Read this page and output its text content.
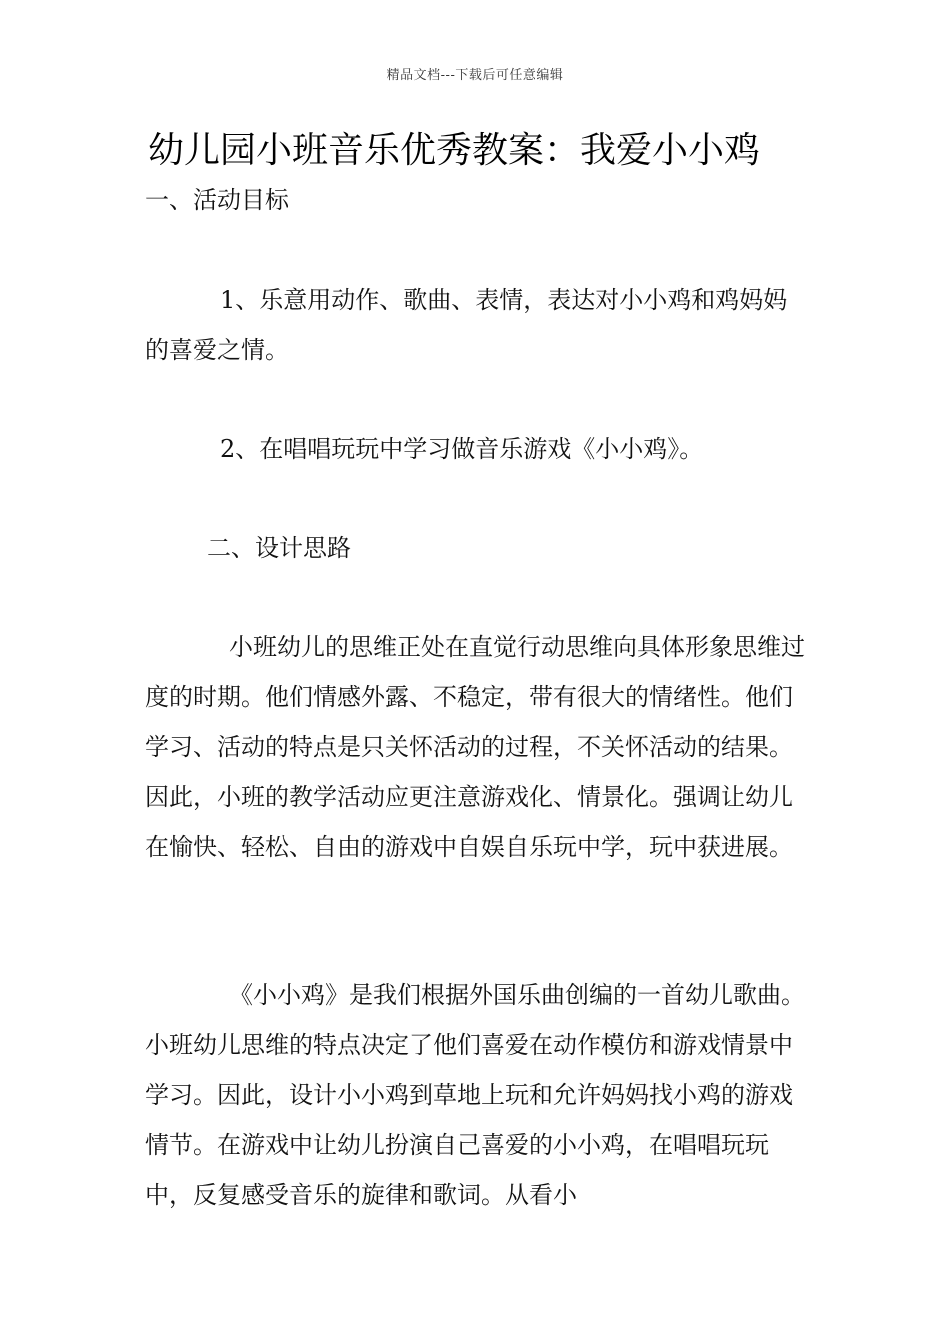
精品文档---下载后可任意编辑
幼儿园小班音乐优秀教案：我爱小小鸡
一、活动目标
1、乐意用动作、歌曲、表情，表达对小小鸡和鸡妈妈的喜爱之情。
2、在唱唱玩玩中学习做音乐游戏《小小鸡》。
二、设计思路
小班幼儿的思维正处在直觉行动思维向具体形象思维过度的时期。他们情感外露、不稳定，带有很大的情绪性。他们学习、活动的特点是只关怀活动的过程，不关怀活动的结果。因此，小班的教学活动应更注意游戏化、情景化。强调让幼儿在愉快、轻松、自由的游戏中自娱自乐玩中学，玩中获进展。
《小小鸡》是我们根据外国乐曲创编的一首幼儿歌曲。小班幼儿思维的特点决定了他们喜爱在动作模仿和游戏情景中学习。因此，设计小小鸡到草地上玩和允许妈妈找小鸡的游戏情节。在游戏中让幼儿扮演自己喜爱的小小鸡，在唱唱玩玩中，反复感受音乐的旋律和歌词。从看小
